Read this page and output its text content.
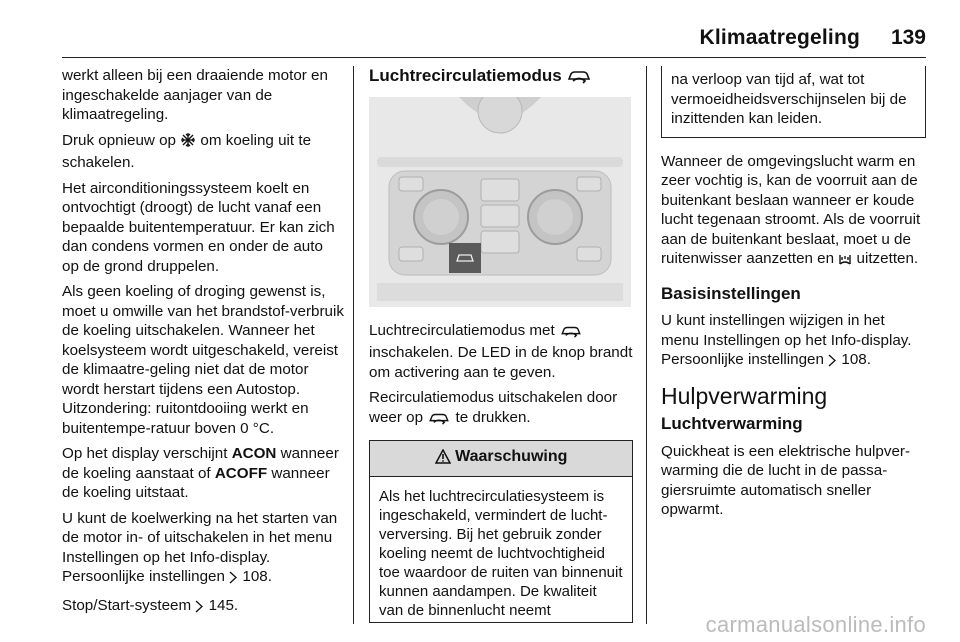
Klimaatregeling 139

werkt alleen bij een draaiende motor en ingeschakelde aanjager van de klimaatregeling.

Druk opnieuw op  om koeling uit te schakelen.

Het airconditioningssysteem koelt en ontvochtigt (droogt) de lucht vanaf een bepaalde buitentemperatuur. Er kan zich dan condens vormen en onder de auto op de grond druppelen.

Als geen koeling of droging gewenst is, moet u omwille van het brandstof-verbruik de koeling uitschakelen. Wanneer het koelsysteem wordt uitgeschakeld, vereist de klimaatre-geling niet dat de motor wordt herstart tijdens een Autostop. Uitzondering: ruitontdooiing werkt en buitentempe-ratuur boven 0 °C.

Op het display verschijnt ACON wanneer de koeling aanstaat of ACOFF wanneer de koeling uitstaat.

U kunt de koelwerking na het starten van de motor in- of uitschakelen in het menu Instellingen op het Info-display. Persoonlijke instellingen  108.

Stop/Start-systeem  145.

Luchtrecirculatiemodus

Luchtrecirculatiemodus met  inschakelen. De LED in de knop brandt om activering aan te geven.

Recirculatiemodus uitschakelen door weer op  te drukken.

Waarschuwing
Als het luchtrecirculatiesysteem is ingeschakeld, vermindert de lucht-verversing. Bij het gebruik zonder koeling neemt de luchtvochtigheid toe waardoor de ruiten van binnenuit kunnen aandampen. De kwaliteit van de binnenlucht neemt
na verloop van tijd af, wat tot vermoeidheidsverschijnselen bij de inzittenden kan leiden.

Wanneer de omgevingslucht warm en zeer vochtig is, kan de voorruit aan de buitenkant beslaan wanneer er koude lucht tegenaan stroomt. Als de voorruit aan de buitenkant beslaat, moet u de ruitenwisser aanzetten en  uitzetten.

Basisinstellingen

U kunt instellingen wijzigen in het menu Instellingen op het Info-display. Persoonlijke instellingen  108.

Hulpverwarming
Luchtverwarming

Quickheat is een elektrische hulpver-warming die de lucht in de passa-giersruimte automatisch sneller opwarmt.

carmanualsonline.info
